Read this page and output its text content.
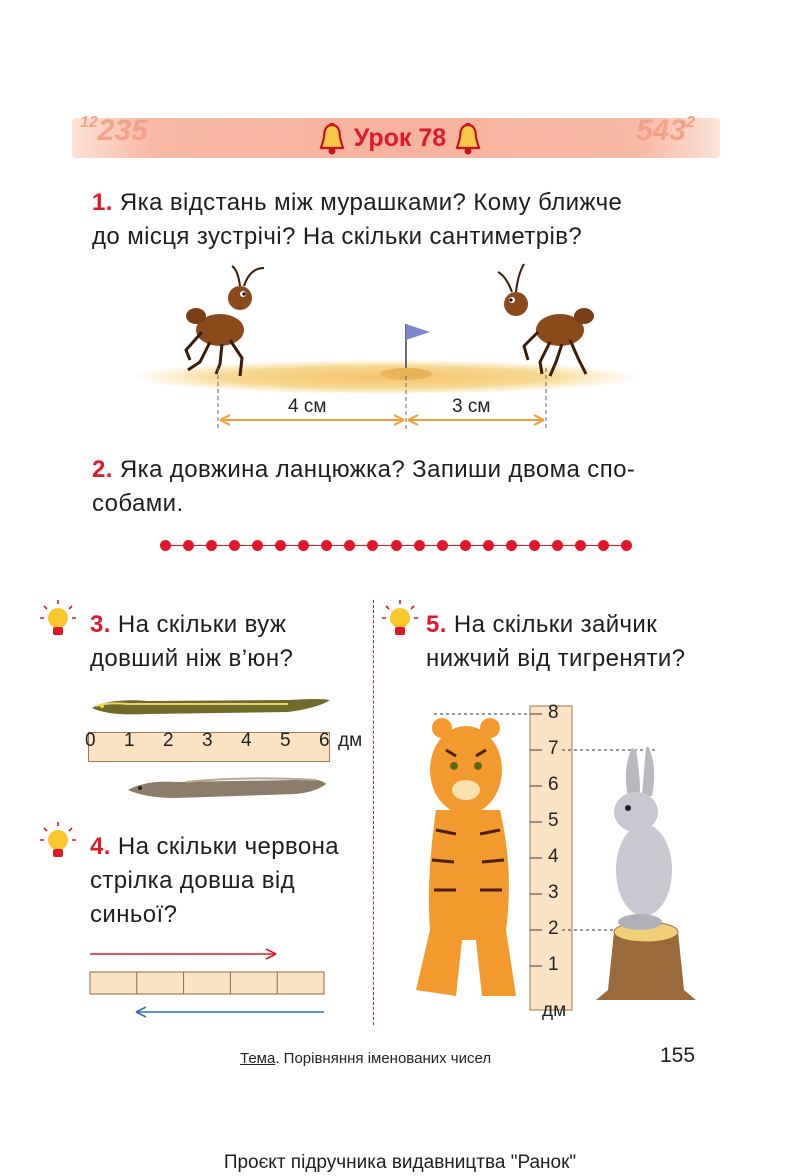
$^{12}$235	$543^2$
Урок 78
1. Яка відстань між мурашками? Кому ближче
до місця зустрічі? На скільки сантиметрів?
4 см	3 см
2. Яка довжина ланцюжка? Запиши двома спо-
собами.
3. На скільки вуж
довший ніж в’юн?
0 1 2 3 4 5 6 дм
4. На скільки червона
стрілка довша від
синьої?
5. На скільки зайчик
нижчий від тигреняти?
8
7
6
5
4
3
2
1
дм
Тема. Порівняння іменованих чисел	155
Проєкт підручника видавництва "Ранок"
